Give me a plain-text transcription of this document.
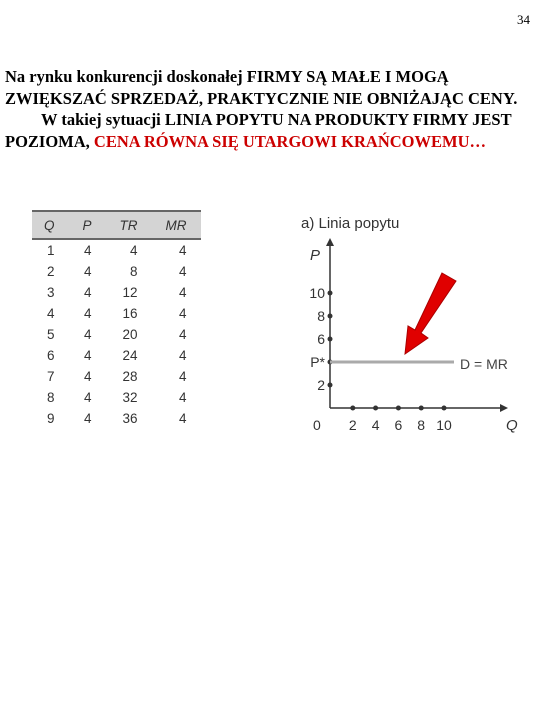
34
Na rynku konkurencji doskonałej FIRMY SĄ MAŁE I MOGĄ ZWIĘKSZAĆ SPRZEDAŻ, PRAKTYCZNIE NIE OBNIŻAJĄC CENY.
W takiej sytuacji LINIA POPYTU NA PRODUKTY FIRMY JEST POZIOMA, CENA RÓWNA SIĘ UTARGOWI KRAŃCOWEMU…
Q	P	TR	MR
1	4	4	4
2	4	8	4
3	4	12	4
4	4	16	4
5	4	20	4
6	4	24	4
7	4	28	4
8	4	32	4
9	4	36	4
a) Linia popytu
P
Q
0
2
P*
6
8
10
2 4 6 8 10
D = MR
